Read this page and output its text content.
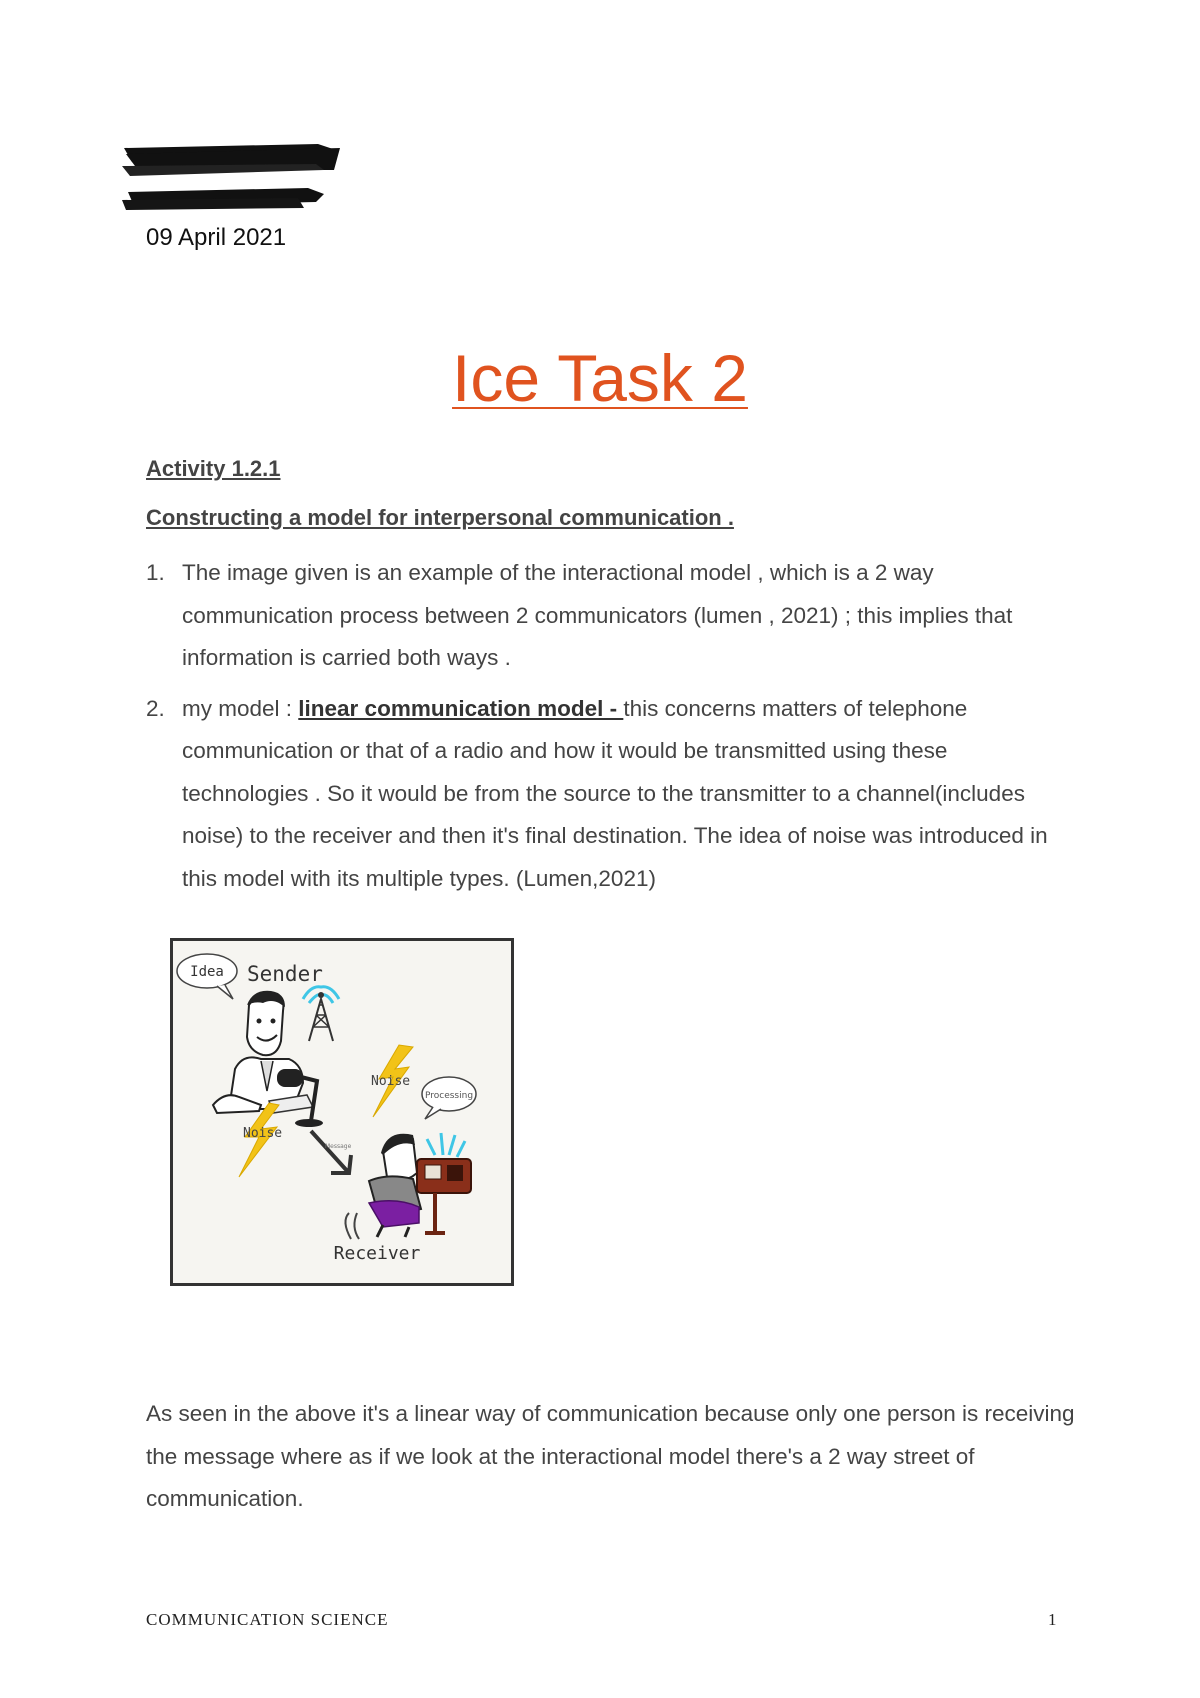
09 April 2021
Ice Task 2
Activity 1.2.1
Constructing a model for interpersonal communication .
1. The image given is an example of the interactional model , which is a 2 way communication process between 2 communicators (lumen , 2021) ; this implies that information is carried both ways .
2. my model : linear communication model - this concerns matters of telephone communication or that of a radio and how it would be transmitted using these technologies . So it would be from the source to the transmitter to a channel(includes noise) to the receiver and then it's final destination. The idea of noise was introduced in this model with its multiple types. (Lumen,2021)
Idea Sender
Message
Noise
Noise
Processing
Receiver
As seen in the above it's a linear way of communication because only one person is receiving the message where as if we look at the interactional model there's a 2 way street of communication.
COMMUNICATION SCIENCE	1
